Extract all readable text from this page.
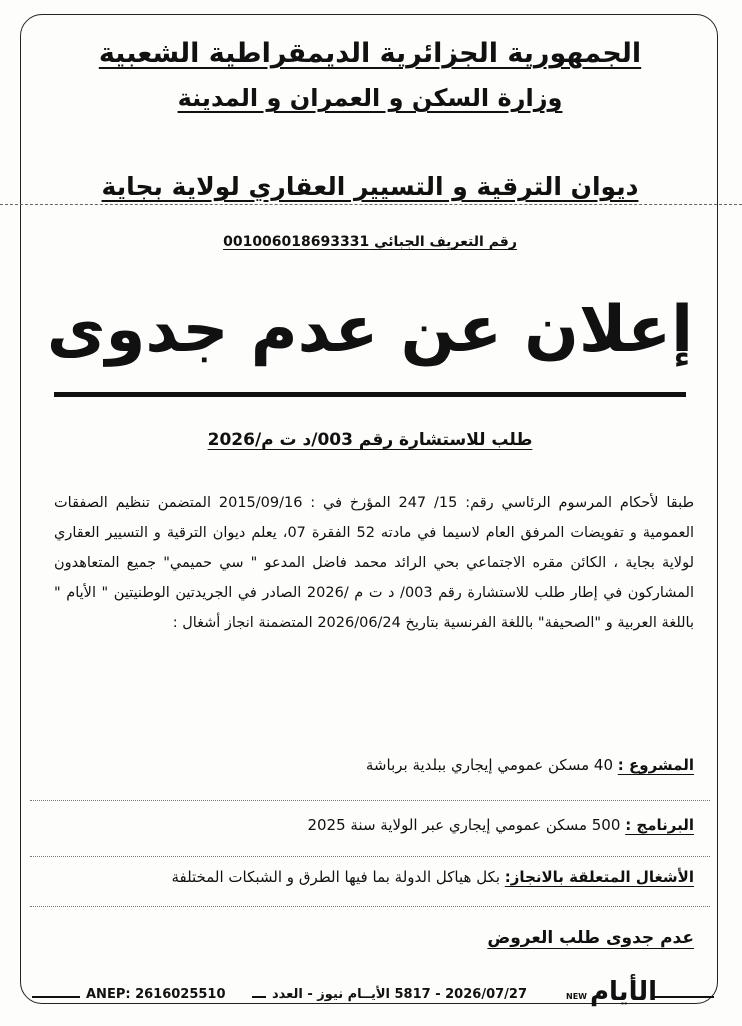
الجمهورية الجزائرية الديمقراطية الشعبية
وزارة السكن و العمران و المدينة
ديوان الترقية و التسيير العقاري لولاية بجاية
رقم التعريف الجبائي 001006018693331
إعلان عن عدم جدوى
طلب للاستشارة رقم 003/د ت م/2026
طبقا لأحكام المرسوم الرئاسي رقم: 15/ 247 المؤرخ في : 2015/09/16 المتضمن تنظيم الصفقات العمومية و تفويضات المرفق العام لاسيما في مادته 52 الفقرة 07، يعلم ديوان الترقية و التسيير العقاري لولاية بجاية ، الكائن مقره الاجتماعي بحي الرائد محمد فاضل المدعو " سي حميمي" جميع المتعاهدون المشاركون في إطار طلب للاستشارة رقم 003/ د ت م /2026 الصادر في الجريدتين الوطنيتين " الأيام " باللغة العربية و "الصحيفة" باللغة الفرنسية بتاريخ 2026/06/24 المتضمنة انجاز أشغال :
المشروع : 40 مسكن عمومي إيجاري ببلدية برباشة
البرنامج : 500 مسكن عمومي إيجاري عبر الولاية سنة 2025
الأشغال المتعلقة بالانجاز: بكل هياكل الدولة بما فيها الطرق و الشبكات المختلفة
عدم جدوى طلب العروض
ANEP: 2616025510	2026/07/27 - 5817 الأيــام نيوز - العدد	NEW الأيام
